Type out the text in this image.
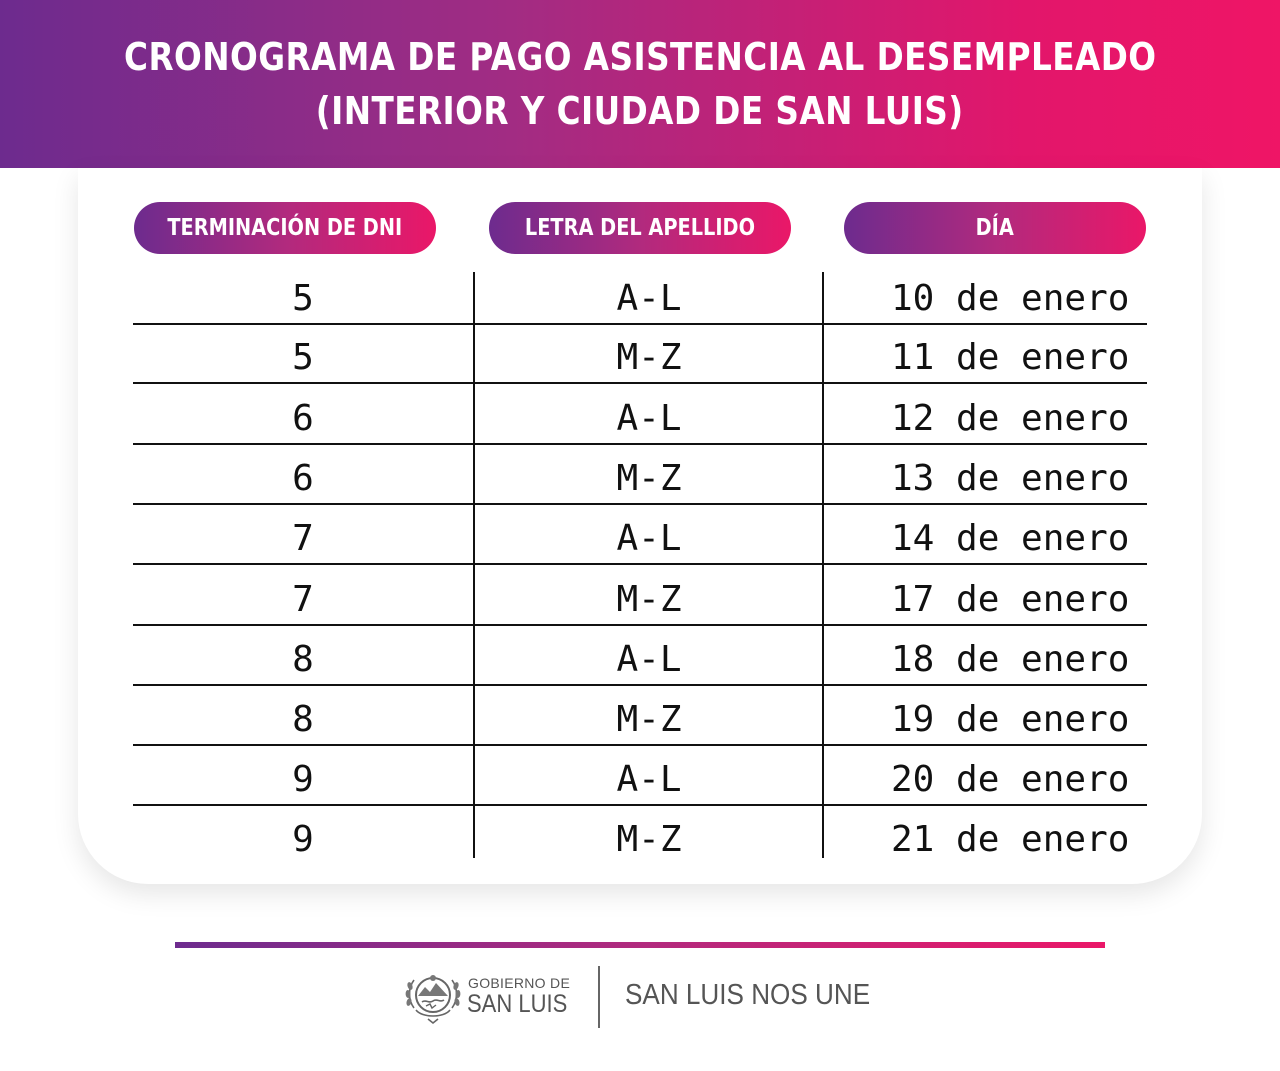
CRONOGRAMA DE PAGO ASISTENCIA AL DESEMPLEADO
(INTERIOR Y CIUDAD DE SAN LUIS)
TERMINACIÓN DE DNI	LETRA DEL APELLIDO	DÍA
5	A-L	10 de enero
5	M-Z	11 de enero
6	A-L	12 de enero
6	M-Z	13 de enero
7	A-L	14 de enero
7	M-Z	17 de enero
8	A-L	18 de enero
8	M-Z	19 de enero
9	A-L	20 de enero
9	M-Z	21 de enero
GOBIERNO DE
SAN LUIS SAN LUIS NOS UNE
